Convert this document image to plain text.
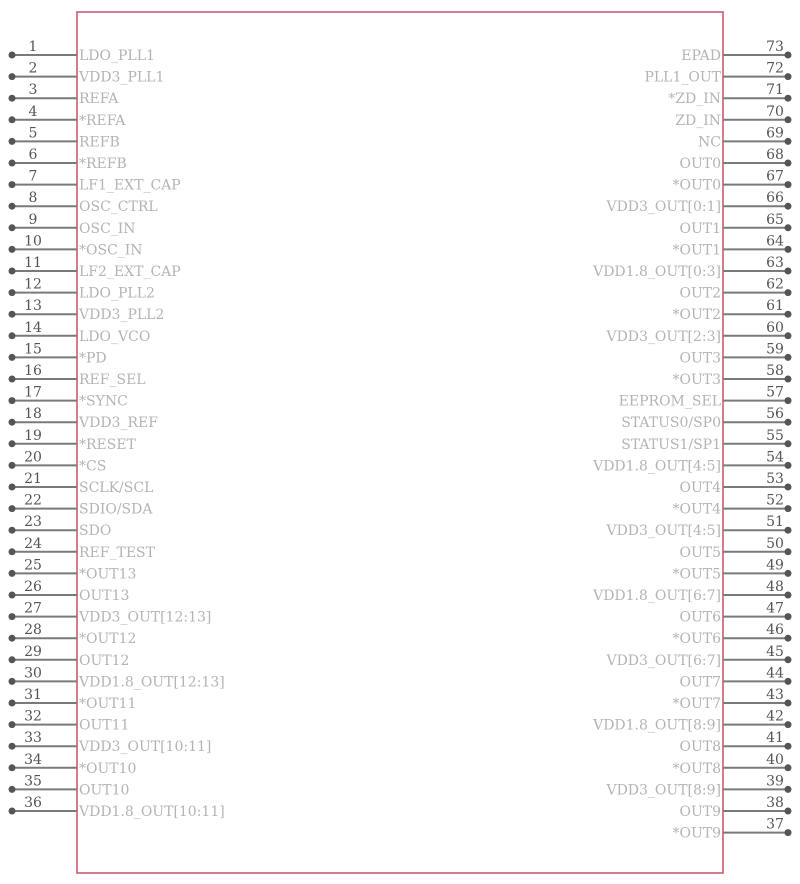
1
LDO_PLL1
2
VDD3_PLL1
3
REFA
4
*REFA
5
REFB
6
*REFB
7
LF1_EXT_CAP
8
OSC_CTRL
9
OSC_IN
10
*OSC_IN
11
LF2_EXT_CAP
12
LDO_PLL2
13
VDD3_PLL2
14
LDO_VCO
15
*PD
16
REF_SEL
17
*SYNC
18
VDD3_REF
19
*RESET
20
*CS
21
SCLK/SCL
22
SDIO/SDA
23
SDO
24
REF_TEST
25
*OUT13
26
OUT13
27
VDD3_OUT[12:13]
28
*OUT12
29
OUT12
30
VDD1.8_OUT[12:13]
31
*OUT11
32
OUT11
33
VDD3_OUT[10:11]
34
*OUT10
35
OUT10
36
VDD1.8_OUT[10:11]
73
EPAD
72
PLL1_OUT
71
*ZD_IN
70
ZD_IN
69
NC
68
OUT0
67
*OUT0
66
VDD3_OUT[0:1]
65
OUT1
64
*OUT1
63
VDD1.8_OUT[0:3]
62
OUT2
61
*OUT2
60
VDD3_OUT[2:3]
59
OUT3
58
*OUT3
57
EEPROM_SEL
56
STATUS0/SP0
55
STATUS1/SP1
54
VDD1.8_OUT[4:5]
53
OUT4
52
*OUT4
51
VDD3_OUT[4:5]
50
OUT5
49
*OUT5
48
VDD1.8_OUT[6:7]
47
OUT6
46
*OUT6
45
VDD3_OUT[6:7]
44
OUT7
43
*OUT7
42
VDD1.8_OUT[8:9]
41
OUT8
40
*OUT8
39
VDD3_OUT[8:9]
38
OUT9
37
*OUT9
